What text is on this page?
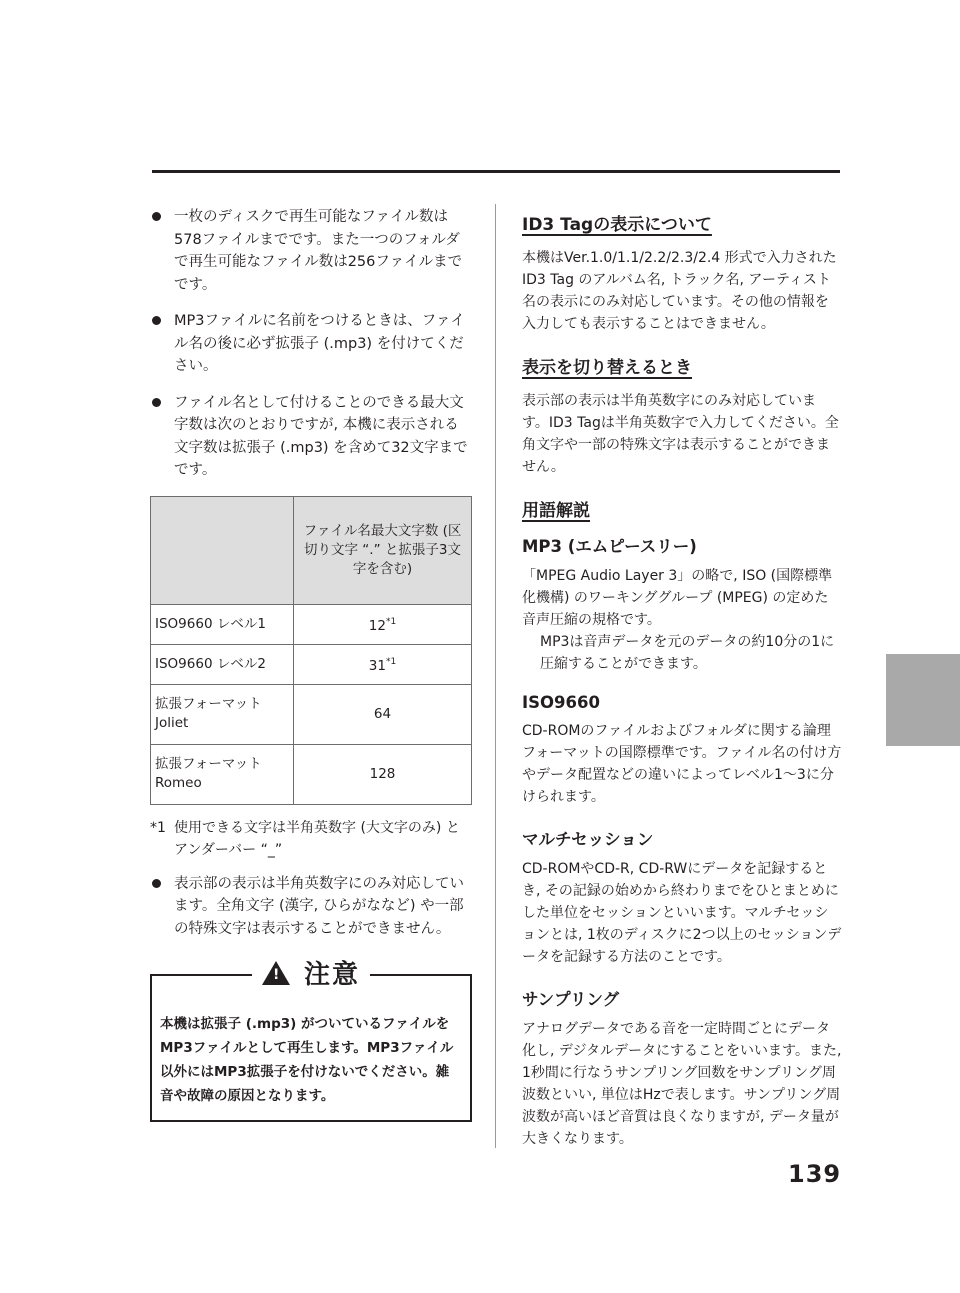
一枚のディスクで再生可能なファイル数は578ファイルまでです。また一つのフォルダで再生可能なファイル数は256ファイルまでです。

MP3ファイルに名前をつけるときは、ファイル名の後に必ず拡張子 (.mp3) を付けてください。

ファイル名として付けることのできる最大文字数は次のとおりですが, 本機に表示される文字数は拡張子 (.mp3) を含めて32文字までです。

	ファイル名最大文字数 (区切り文字 “.” と拡張子3文字を含む)
ISO9660 レベル1	12$^{*1}$
ISO9660 レベル2	31$^{*1}$
拡張フォーマット Joliet	64
拡張フォーマット Romeo	128
*1 使用できる文字は半角英数字 (大文字のみ) とアンダーバー “_”

表示部の表示は半角英数字にのみ対応しています。全角文字 (漢字, ひらがななど) や一部の特殊文字は表示することができません。

! 注意
本機は拡張子 (.mp3) がついているファイルをMP3ファイルとして再生します。MP3ファイル以外にはMP3拡張子を付けないでください。雑音や故障の原因となります。
ID3 Tagの表示について

本機はVer.1.0/1.1/2.2/2.3/2.4 形式で入力されたID3 Tag のアルバム名, トラック名, アーティスト名の表示にのみ対応しています。その他の情報を入力しても表示することはできません。

表示を切り替えるとき

表示部の表示は半角英数字にのみ対応しています。ID3 Tagは半角英数字で入力してください。全角文字や一部の特殊文字は表示することができません。

用語解説
MP3 (エムピースリー)

「MPEG Audio Layer 3」の略で, ISO (国際標準化機構) のワーキンググループ (MPEG) の定めた音声圧縮の規格です。

MP3は音声データを元のデータの約10分の1に圧縮することができます。

ISO9660

CD-ROMのファイルおよびフォルダに関する論理フォーマットの国際標準です。ファイル名の付け方やデータ配置などの違いによってレベル1〜3に分けられます。

マルチセッション

CD-ROMやCD-R, CD-RWにデータを記録するとき, その記録の始めから終わりまでをひとまとめにした単位をセッションといいます。マルチセッションとは, 1枚のディスクに2つ以上のセッションデータを記録する方法のことです。

サンプリング

アナログデータである音を一定時間ごとにデータ化し, デジタルデータにすることをいいます。また, 1秒間に行なうサンプリング回数をサンプリング周波数といい, 単位はHzで表します。サンプリング周波数が高いほど音質は良くなりますが, データ量が大きくなります。

139
